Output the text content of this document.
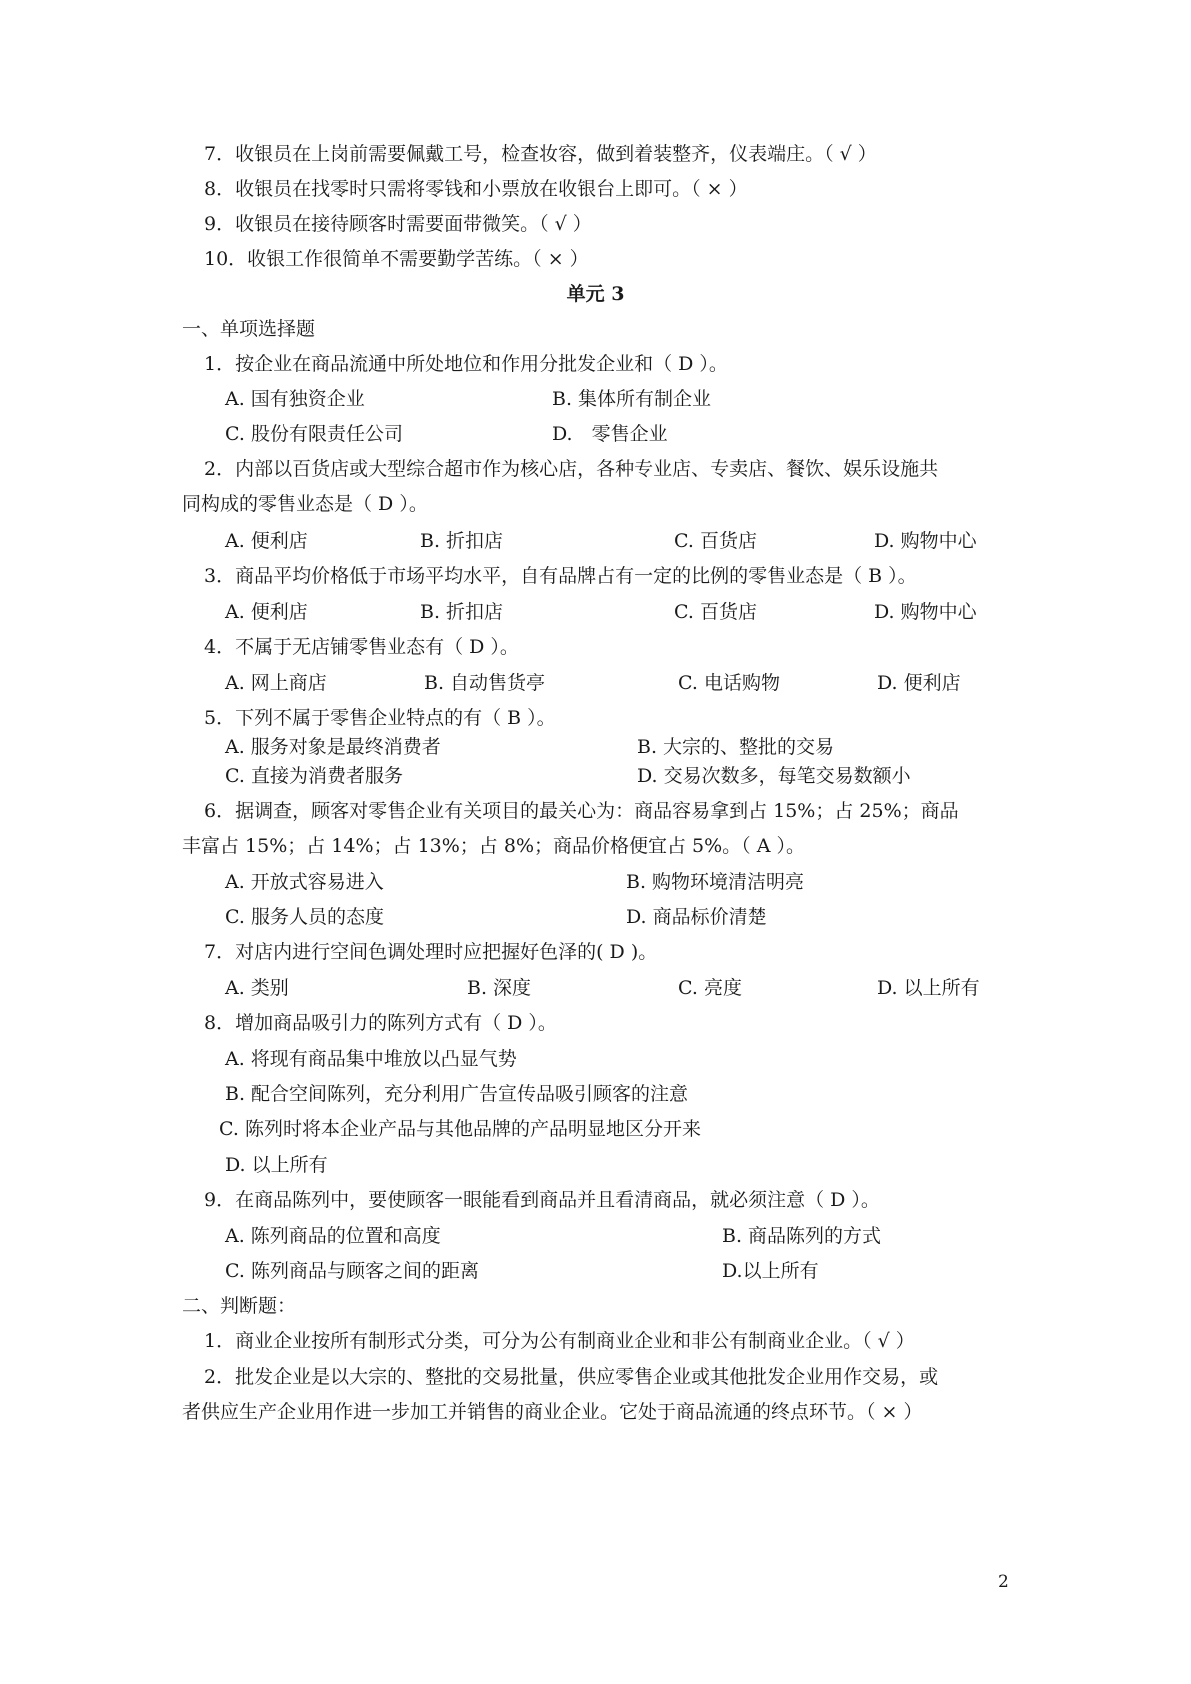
7．收银员在上岗前需要佩戴工号，检查妆容，做到着装整齐，仪表端庄。（ √ ）
8．收银员在找零时只需将零钱和小票放在收银台上即可。（ × ）
9．收银员在接待顾客时需要面带微笑。（ √ ）
10．收银工作很简单不需要勤学苦练。（ × ）
单元 3
一、单项选择题
1．按企业在商品流通中所处地位和作用分批发企业和（ D ）。
A. 国有独资企业	B. 集体所有制企业
C. 股份有限责任公司	D.　零售企业
2．内部以百货店或大型综合超市作为核心店，各种专业店、专卖店、餐饮、娱乐设施共
同构成的零售业态是（ D ）。
A. 便利店	B. 折扣店	C. 百货店	D. 购物中心
3．商品平均价格低于市场平均水平，自有品牌占有一定的比例的零售业态是（ B ）。
A. 便利店	B. 折扣店	C. 百货店	D. 购物中心
4．不属于无店铺零售业态有（ D ）。
A. 网上商店	B. 自动售货亭	C. 电话购物	D. 便利店
5．下列不属于零售企业特点的有（ B ）。
A. 服务对象是最终消费者	B. 大宗的、整批的交易
C. 直接为消费者服务	D. 交易次数多，每笔交易数额小
6．据调查，顾客对零售企业有关项目的最关心为：商品容易拿到占 15%；占 25%；商品
丰富占 15%；占 14%；占 13%；占 8%；商品价格便宜占 5%。（ A ）。
A. 开放式容易进入	B. 购物环境清洁明亮
C. 服务人员的态度	D. 商品标价清楚
7．对店内进行空间色调处理时应把握好色泽的( D )。
A. 类别	B. 深度	C. 亮度	D. 以上所有
8．增加商品吸引力的陈列方式有（ D ）。
A. 将现有商品集中堆放以凸显气势
B. 配合空间陈列，充分利用广告宣传品吸引顾客的注意
C. 陈列时将本企业产品与其他品牌的产品明显地区分开来
D. 以上所有
9．在商品陈列中，要使顾客一眼能看到商品并且看清商品，就必须注意（ D ）。
A. 陈列商品的位置和高度	B. 商品陈列的方式
C. 陈列商品与顾客之间的距离	D.以上所有
二、判断题：
1．商业企业按所有制形式分类，可分为公有制商业企业和非公有制商业企业。（ √ ）
2．批发企业是以大宗的、整批的交易批量，供应零售企业或其他批发企业用作交易，或
者供应生产企业用作进一步加工并销售的商业企业。它处于商品流通的终点环节。（ × ）
2
